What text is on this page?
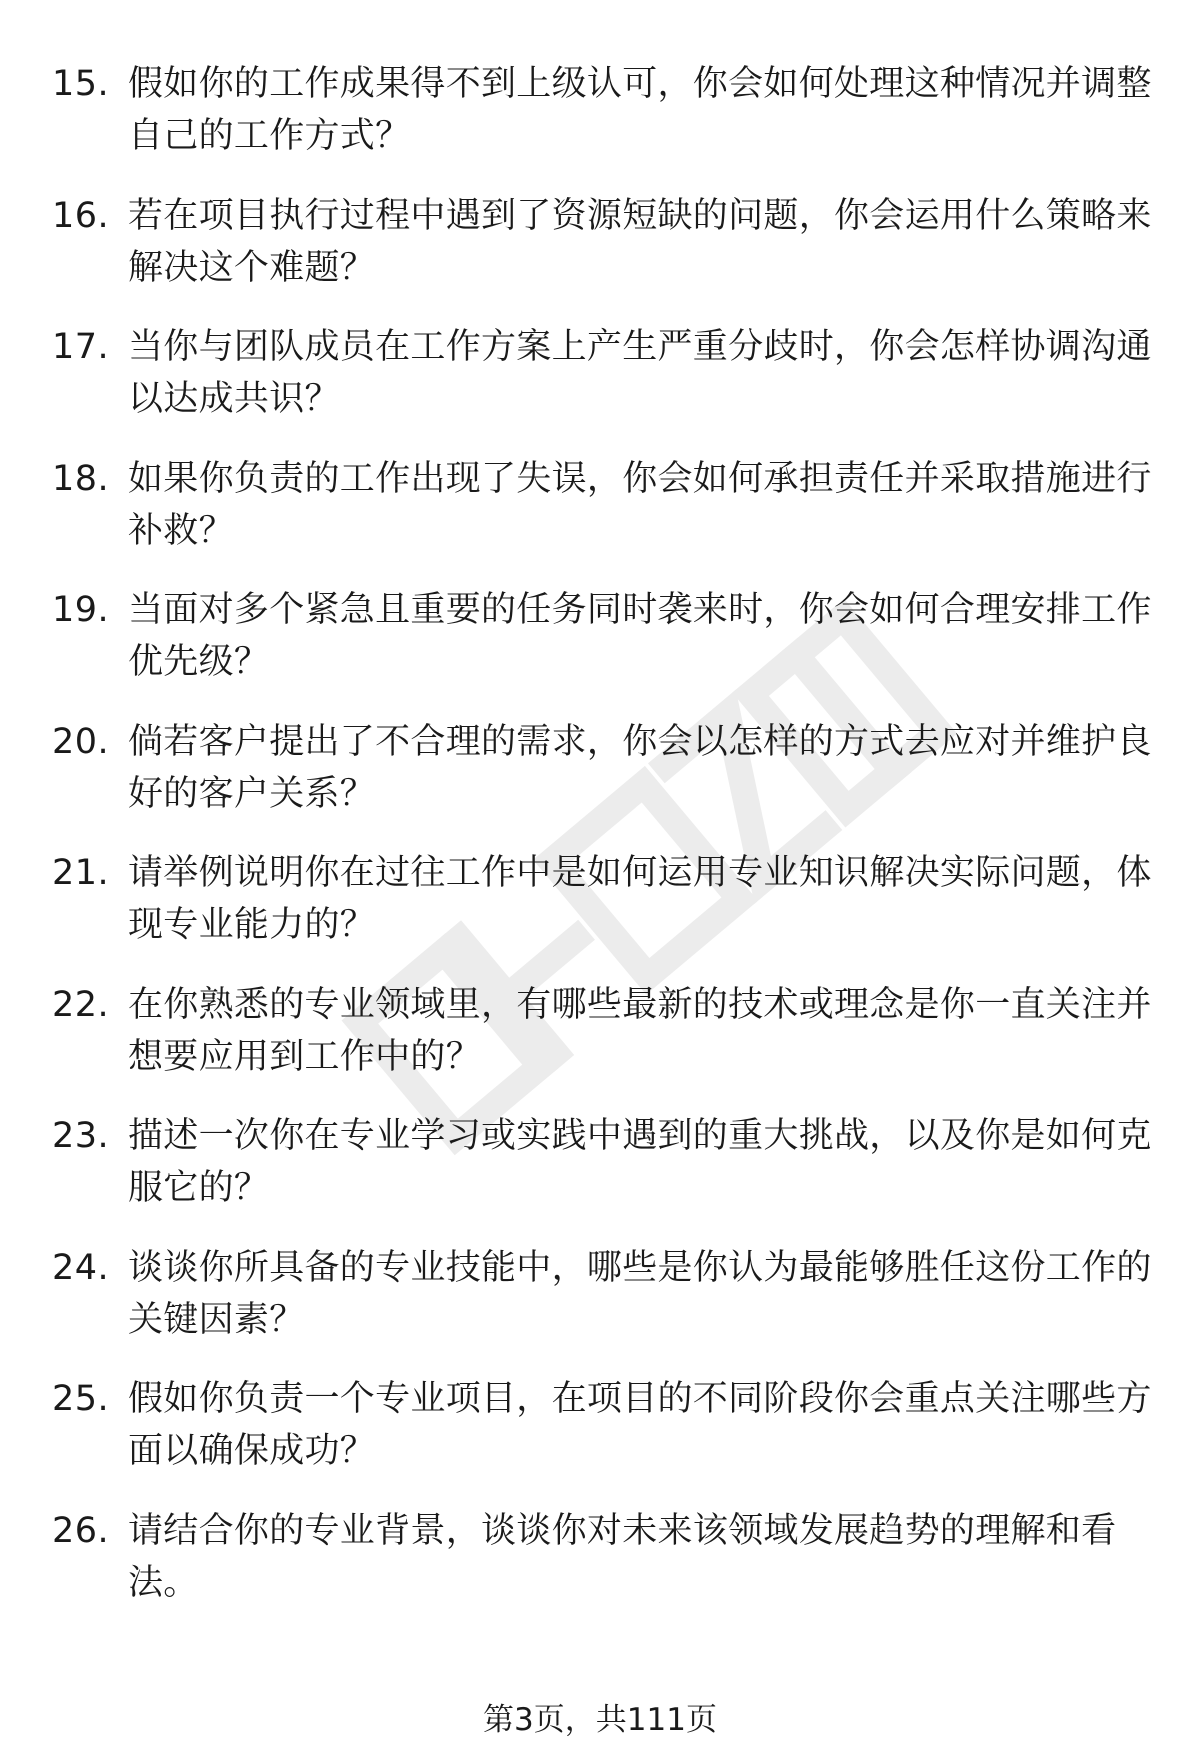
15. 假如你的工作成果得不到上级认可，你会如何处理这种情况并调整自己的工作方式？
16. 若在项目执行过程中遇到了资源短缺的问题，你会运用什么策略来解决这个难题？
17. 当你与团队成员在工作方案上产生严重分歧时，你会怎样协调沟通以达成共识？
18. 如果你负责的工作出现了失误，你会如何承担责任并采取措施进行补救？
19. 当面对多个紧急且重要的任务同时袭来时，你会如何合理安排工作优先级？
20. 倘若客户提出了不合理的需求，你会以怎样的方式去应对并维护良好的客户关系？
21. 请举例说明你在过往工作中是如何运用专业知识解决实际问题，体现专业能力的？
22. 在你熟悉的专业领域里，有哪些最新的技术或理念是你一直关注并想要应用到工作中的？
23. 描述一次你在专业学习或实践中遇到的重大挑战，以及你是如何克服它的？
24. 谈谈你所具备的专业技能中，哪些是你认为最能够胜任这份工作的关键因素？
25. 假如你负责一个专业项目，在项目的不同阶段你会重点关注哪些方面以确保成功？
26. 请结合你的专业背景，谈谈你对未来该领域发展趋势的理解和看法。
第3页，共111页
